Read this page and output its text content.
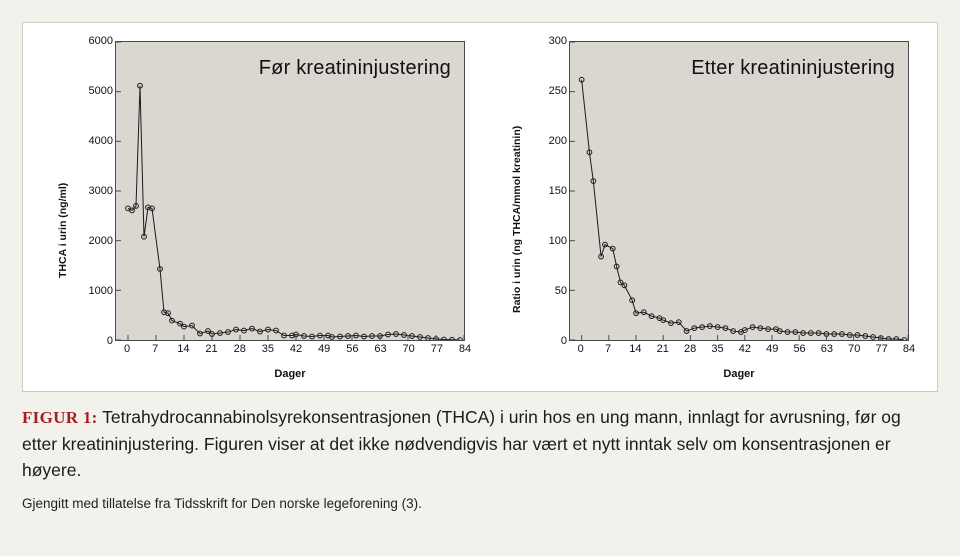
THCA i urin (ng/ml)
0
1000
2000
3000
4000
5000
6000
Før kreatininjustering
0 7 14 21 28 35 42 49 56 63 70 77 84
Dager
Ratio i urin (ng THCA/mmol kreatinin)
0
50
100
150
200
250
300
Etter kreatininjustering
0 7 14 21 28 35 42 49 56 63 70 77 84
Dager
FIGUR 1: Tetrahydrocannabinolsyrekonsentrasjonen (THCA) i urin hos en ung mann, innlagt for avrusning, før og etter kreatininjustering. Figuren viser at det ikke nødvendigvis har vært et nytt inntak selv om konsentrasjonen er høyere.
Gjengitt med tillatelse fra Tidsskrift for Den norske legeforening (3).
